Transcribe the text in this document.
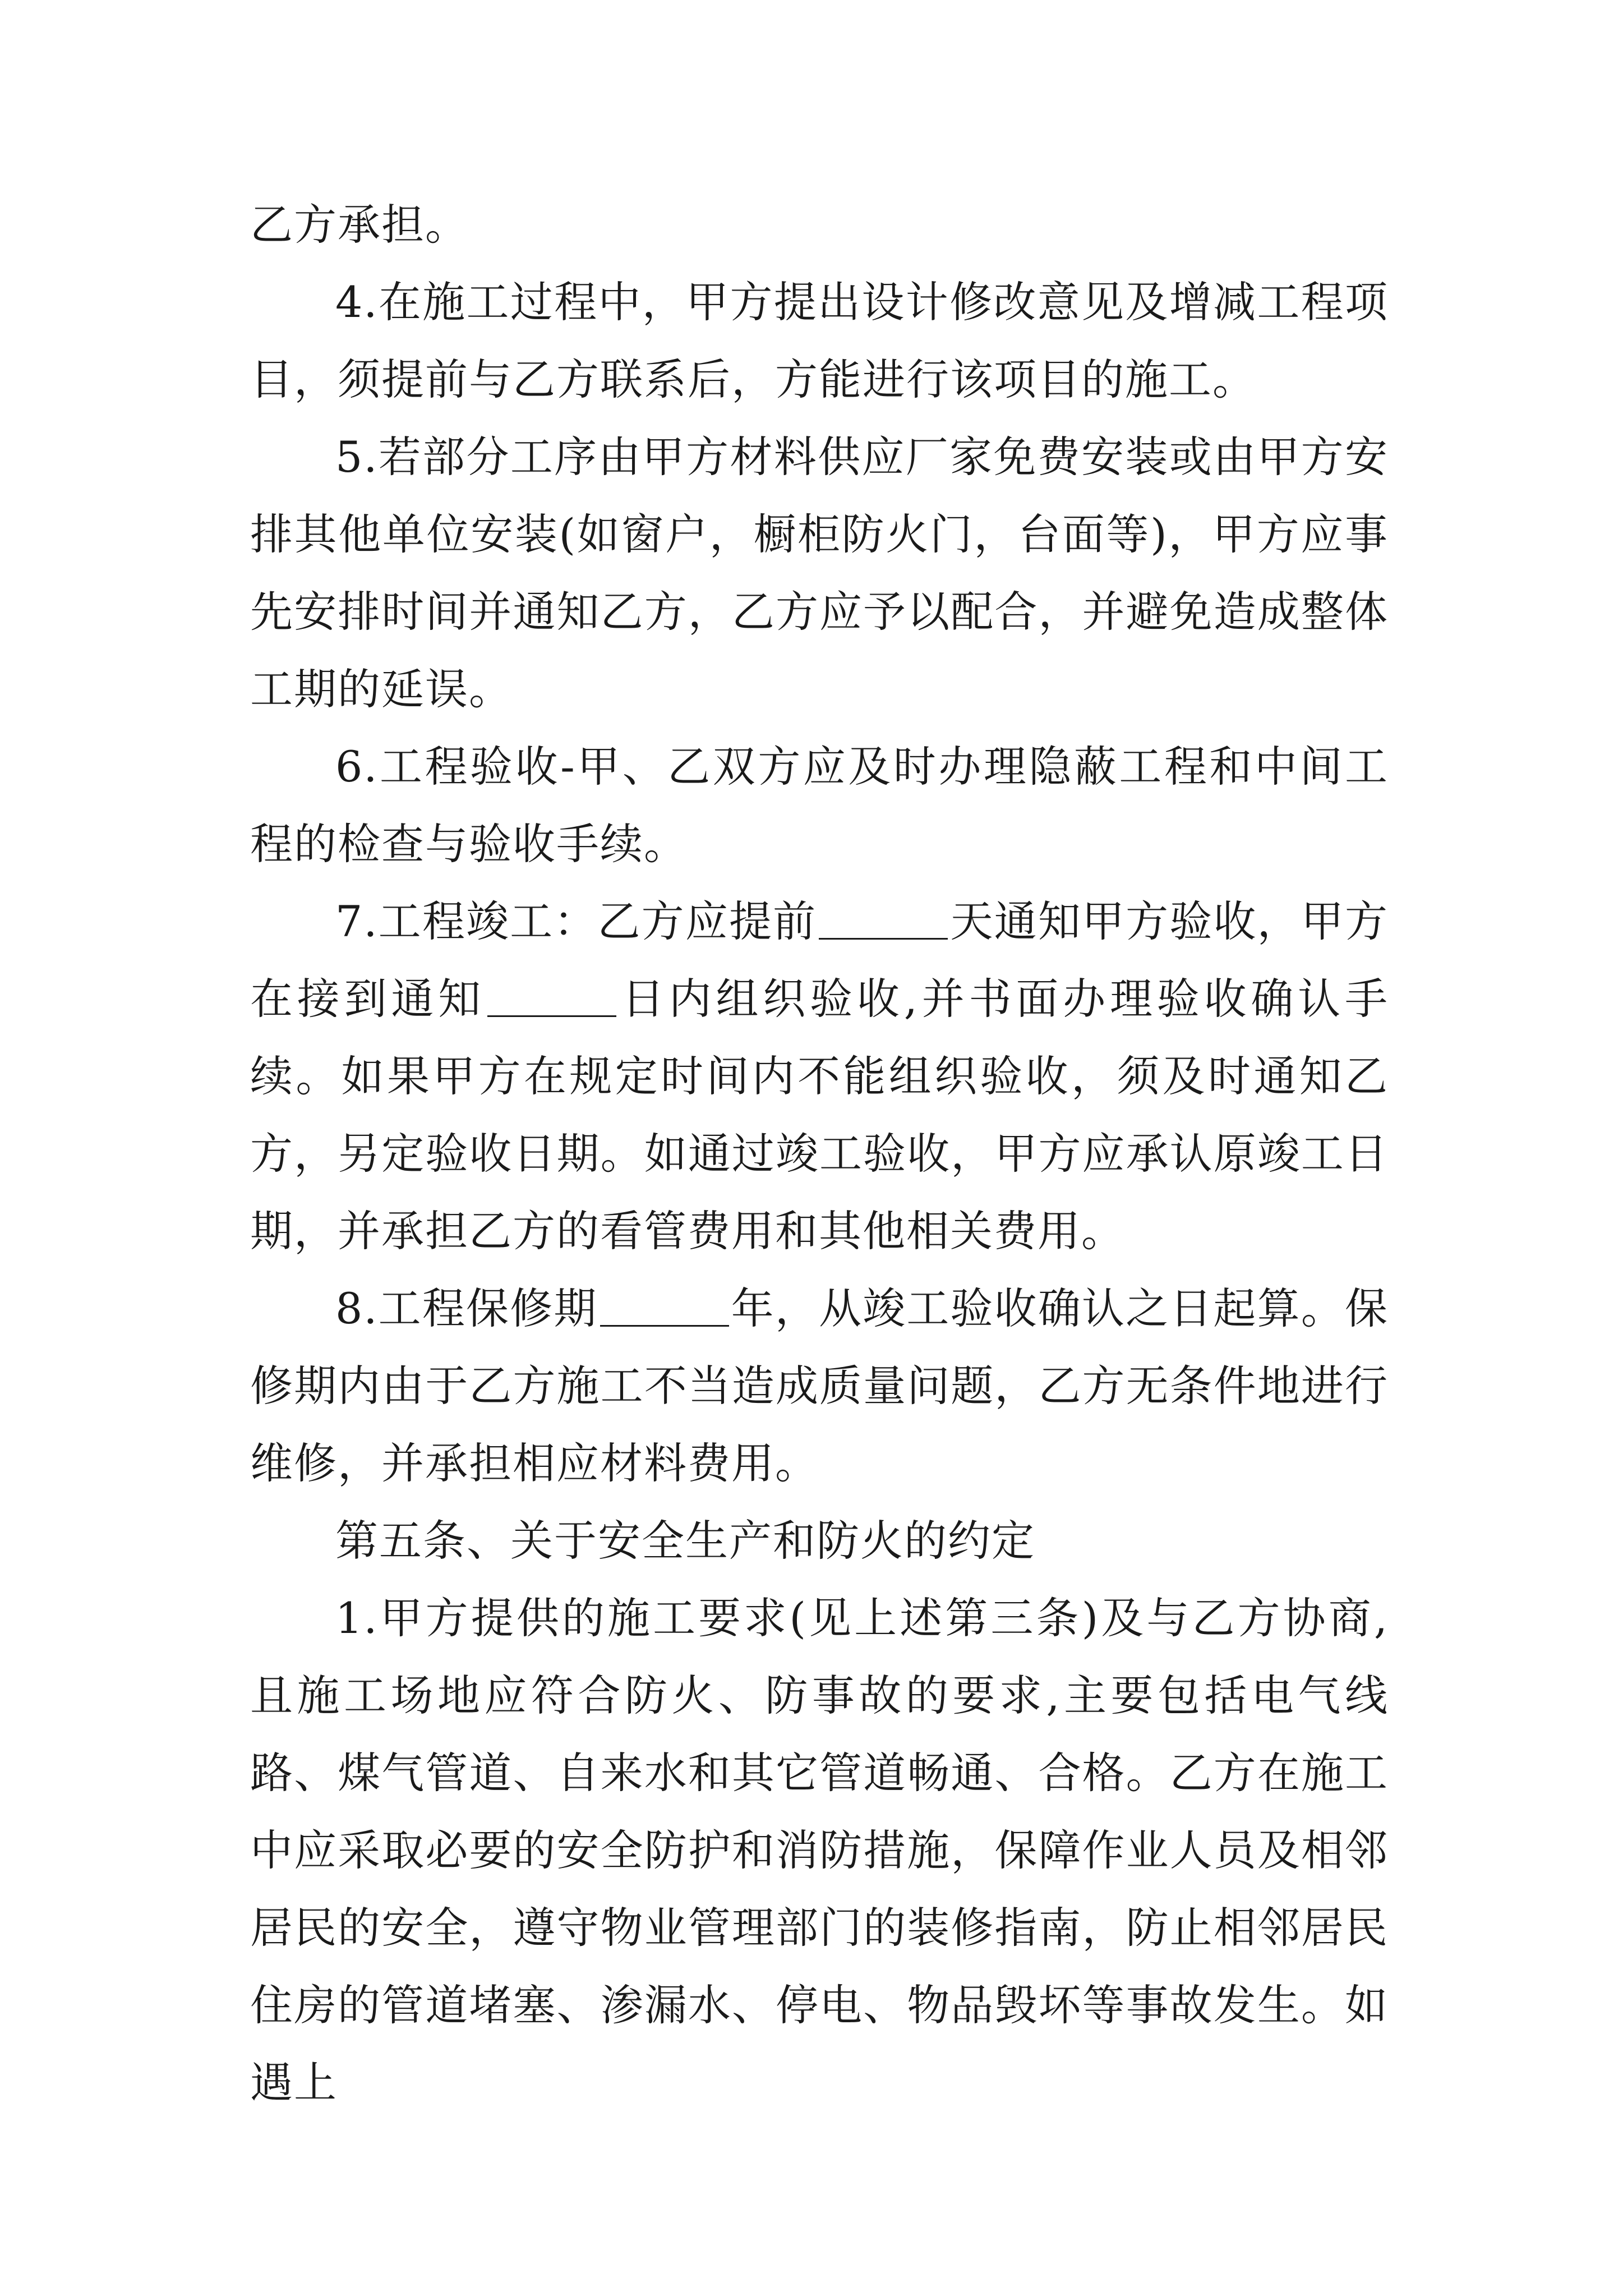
乙方承担。

4.在施工过程中，甲方提出设计修改意见及增减工程项目，须提前与乙方联系后，方能进行该项目的施工。

5.若部分工序由甲方材料供应厂家免费安装或由甲方安排其他单位安装(如窗户，橱柜防火门，台面等)，甲方应事先安排时间并通知乙方，乙方应予以配合，并避免造成整体工期的延误。

6.工程验收-甲、乙双方应及时办理隐蔽工程和中间工程的检查与验收手续。

7.工程竣工：乙方应提前	天通知甲方验收，甲方在接到通知	日内组织验收,并书面办理验收确认手续。如果甲方在规定时间内不能组织验收，须及时通知乙方，另定验收日期。如通过竣工验收，甲方应承认原竣工日期，并承担乙方的看管费用和其他相关费用。

8.工程保修期	年，从竣工验收确认之日起算。保修期内由于乙方施工不当造成质量问题，乙方无条件地进行维修，并承担相应材料费用。

第五条、关于安全生产和防火的约定

1.甲方提供的施工要求(见上述第三条)及与乙方协商,且施工场地应符合防火、防事故的要求,主要包括电气线路、煤气管道、自来水和其它管道畅通、合格。乙方在施工中应采取必要的安全防护和消防措施，保障作业人员及相邻居民的安全，遵守物业管理部门的装修指南，防止相邻居民住房的管道堵塞、渗漏水、停电、物品毁坏等事故发生。如遇上
